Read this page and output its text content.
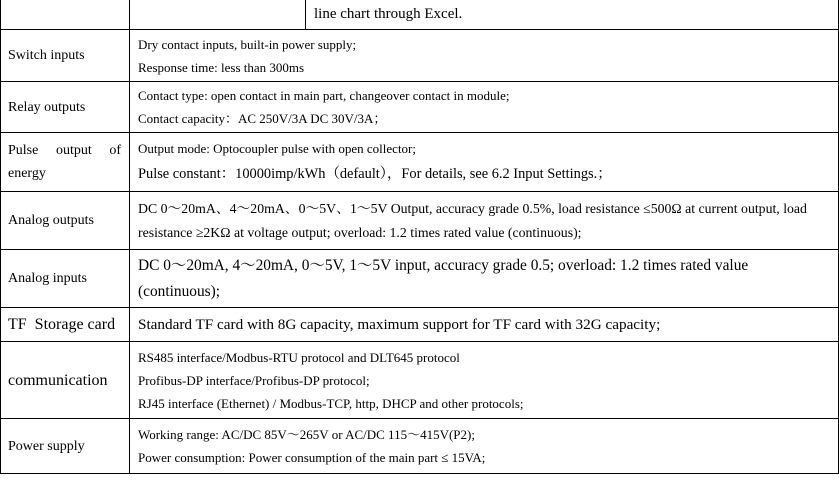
	line chart through Excel.

Switch inputs	Dry contact inputs, built-in power supply;
Response time: less than 300ms

Relay outputs	Contact type: open contact in main part, changeover contact in module;
Contact capacity：AC 250V/3A DC 30V/3A；

Pulse output of
energy	Output mode: Optocoupler pulse with open collector;
Pulse constant：10000imp/kWh（default），For details, see 6.2 Input Settings.；

Analog outputs	DC 0～20mA、4～20mA、0～5V、1～5V Output, accuracy grade 0.5%, load resistance ≤500Ω at current output, load resistance ≥2KΩ at voltage output; overload: 1.2 times rated value (continuous);

Analog inputs	DC 0～20mA, 4～20mA, 0～5V, 1～5V input, accuracy grade 0.5; overload: 1.2 times rated value (continuous);

TF  Storage card	Standard TF card with 8G capacity, maximum support for TF card with 32G capacity;

communication	RS485 interface/Modbus-RTU protocol and DLT645 protocol
Profibus-DP interface/Profibus-DP protocol;
RJ45 interface (Ethernet) / Modbus-TCP, http, DHCP and other protocols;

Power supply	Working range: AC/DC 85V～265V or AC/DC 115～415V(P2);
Power consumption: Power consumption of the main part ≤ 15VA;
